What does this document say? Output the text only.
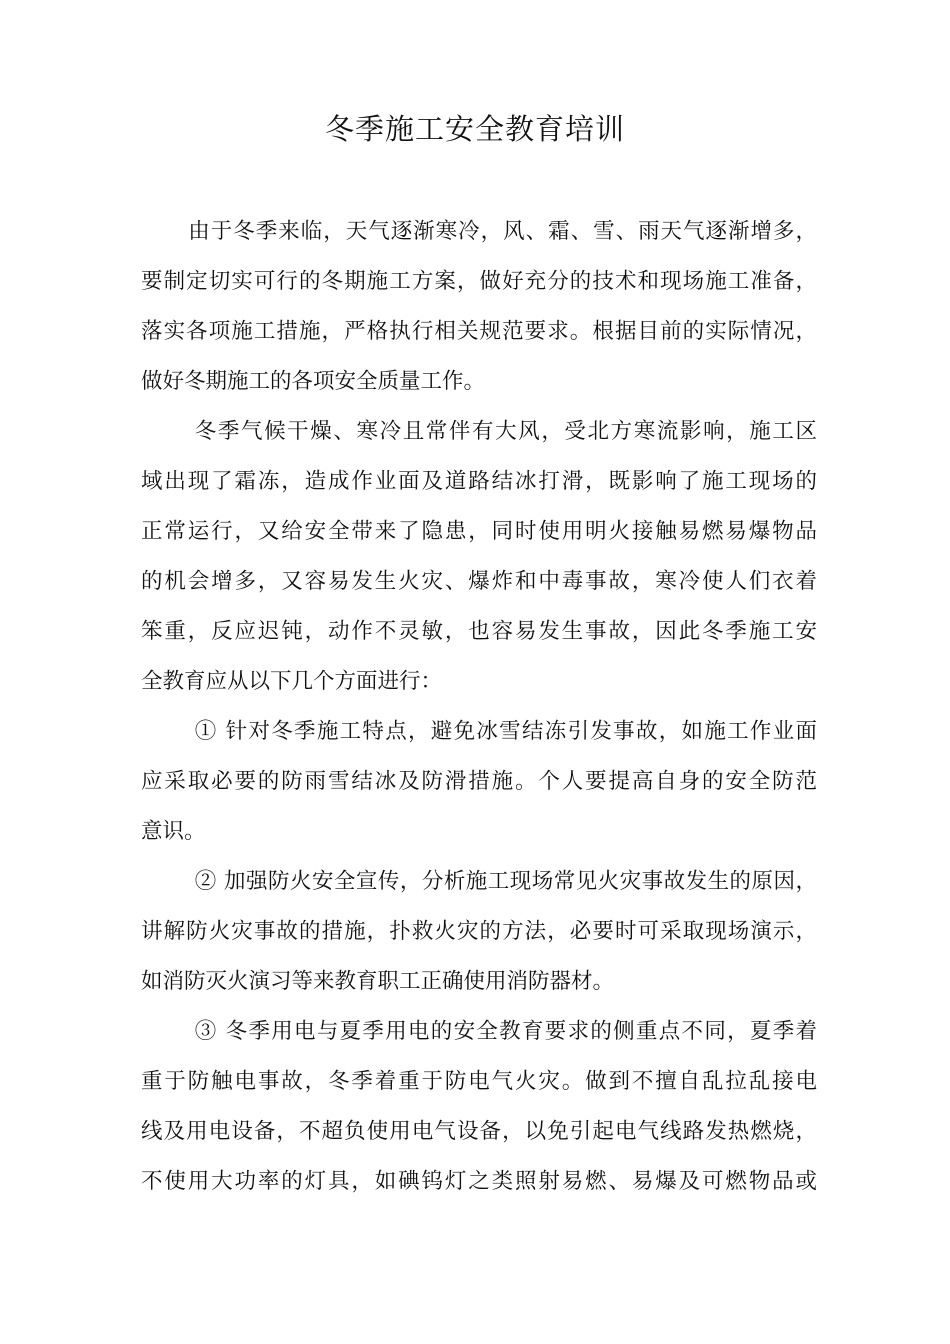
冬季施工安全教育培训
由于冬季来临，天气逐渐寒冷，风、霜、雪、雨天气逐渐增多，
要制定切实可行的冬期施工方案，做好充分的技术和现场施工准备，
落实各项施工措施，严格执行相关规范要求。根据目前的实际情况，
做好冬期施工的各项安全质量工作。
冬季气候干燥、寒冷且常伴有大风，受北方寒流影响，施工区
域出现了霜冻，造成作业面及道路结冰打滑，既影响了施工现场的
正常运行，又给安全带来了隐患，同时使用明火接触易燃易爆物品
的机会增多，又容易发生火灾、爆炸和中毒事故，寒冷使人们衣着
笨重，反应迟钝，动作不灵敏，也容易发生事故，因此冬季施工安
全教育应从以下几个方面进行：
① 针对冬季施工特点，避免冰雪结冻引发事故，如施工作业面
应采取必要的防雨雪结冰及防滑措施。个人要提高自身的安全防范
意识。
② 加强防火安全宣传，分析施工现场常见火灾事故发生的原因，
讲解防火灾事故的措施，扑救火灾的方法，必要时可采取现场演示，
如消防灭火演习等来教育职工正确使用消防器材。
③ 冬季用电与夏季用电的安全教育要求的侧重点不同，夏季着
重于防触电事故，冬季着重于防电气火灾。做到不擅自乱拉乱接电
线及用电设备，不超负使用电气设备，以免引起电气线路发热燃烧，
不使用大功率的灯具，如碘钨灯之类照射易燃、易爆及可燃物品或
